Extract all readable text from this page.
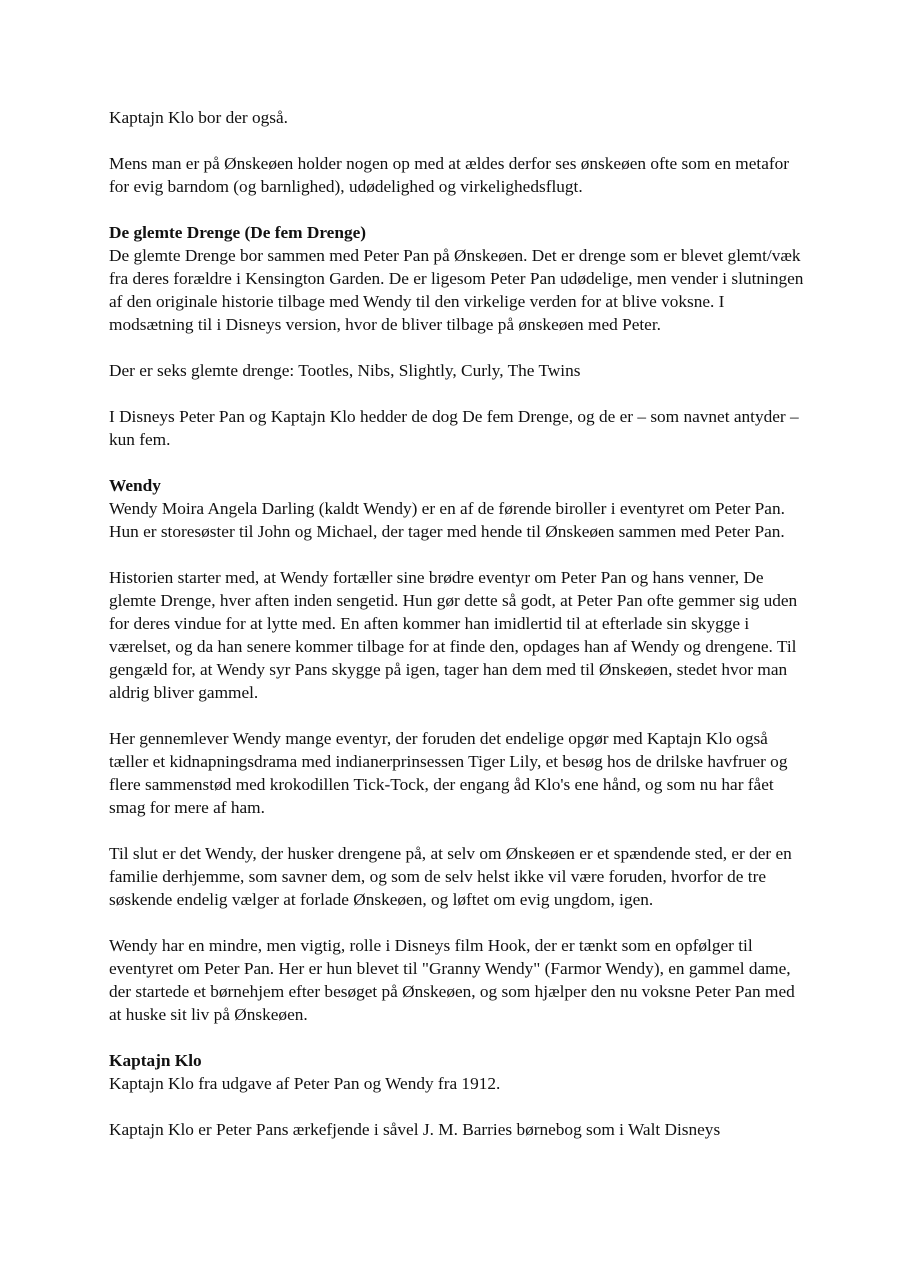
Kaptajn Klo bor der også.

Mens man er på Ønskeøen holder nogen op med at ældes derfor ses ønskeøen ofte som en metafor for evig barndom (og barnlighed), udødelighed og virkelighedsflugt.

De glemte Drenge (De fem Drenge)

De glemte Drenge bor sammen med Peter Pan på Ønskeøen. Det er drenge som er blevet glemt/væk fra deres forældre i Kensington Garden. De er ligesom Peter Pan udødelige, men vender i slutningen af den originale historie tilbage med Wendy til den virkelige verden for at blive voksne. I modsætning til i Disneys version, hvor de bliver tilbage på ønskeøen med Peter.

Der er seks glemte drenge: Tootles, Nibs, Slightly, Curly, The Twins

I Disneys Peter Pan og Kaptajn Klo hedder de dog De fem Drenge, og de er – som navnet antyder – kun fem.

Wendy

Wendy Moira Angela Darling (kaldt Wendy) er en af de førende biroller i eventyret om Peter Pan. Hun er storesøster til John og Michael, der tager med hende til Ønskeøen sammen med Peter Pan.

Historien starter med, at Wendy fortæller sine brødre eventyr om Peter Pan og hans venner, De glemte Drenge, hver aften inden sengetid. Hun gør dette så godt, at Peter Pan ofte gemmer sig uden for deres vindue for at lytte med. En aften kommer han imidlertid til at efterlade sin skygge i værelset, og da han senere kommer tilbage for at finde den, opdages han af Wendy og drengene. Til gengæld for, at Wendy syr Pans skygge på igen, tager han dem med til Ønskeøen, stedet hvor man aldrig bliver gammel.

Her gennemlever Wendy mange eventyr, der foruden det endelige opgør med Kaptajn Klo også tæller et kidnapningsdrama med indianerprinsessen Tiger Lily, et besøg hos de drilske havfruer og flere sammenstød med krokodillen Tick-Tock, der engang åd Klo's ene hånd, og som nu har fået smag for mere af ham.

Til slut er det Wendy, der husker drengene på, at selv om Ønskeøen er et spændende sted, er der en familie derhjemme, som savner dem, og som de selv helst ikke vil være foruden, hvorfor de tre søskende endelig vælger at forlade Ønskeøen, og løftet om evig ungdom, igen.

Wendy har en mindre, men vigtig, rolle i Disneys film Hook, der er tænkt som en opfølger til eventyret om Peter Pan. Her er hun blevet til "Granny Wendy" (Farmor Wendy), en gammel dame, der startede et børnehjem efter besøget på Ønskeøen, og som hjælper den nu voksne Peter Pan med at huske sit liv på Ønskeøen.

Kaptajn Klo

Kaptajn Klo fra udgave af Peter Pan og Wendy fra 1912.

Kaptajn Klo er Peter Pans ærkefjende i såvel J. M. Barries børnebog som i Walt Disneys
